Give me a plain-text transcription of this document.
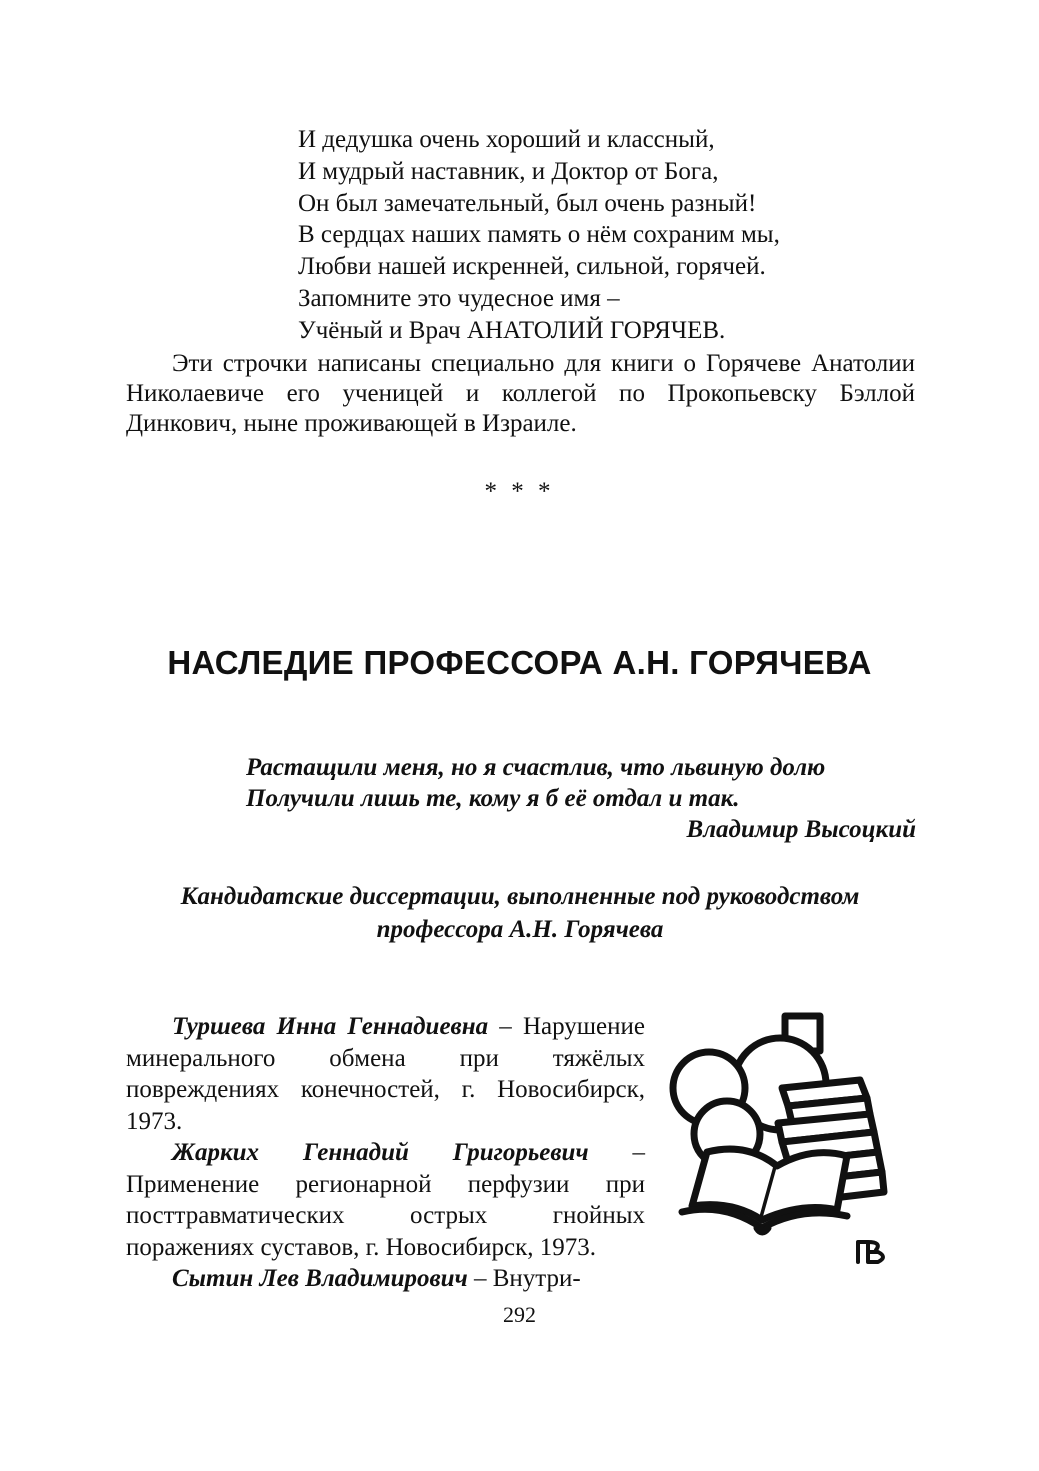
И дедушка очень хороший и классный,
И мудрый наставник, и Доктор от Бога,
Он был замечательный, был очень разный!
В сердцах наших память о нём сохраним мы,
Любви нашей искренней, сильной, горячей.
Запомните это чудесное имя –
Учёный и Врач АНАТОЛИЙ ГОРЯЧЕВ.

Эти строчки написаны специально для книги о Горячеве Анатолии Николаевиче его ученицей и коллегой по Прокопьевску Бэллой Динкович, ныне проживающей в Израиле.

* * *
НАСЛЕДИЕ ПРОФЕССОРА А.Н. ГОРЯЧЕВА
Растащили меня, но я счастлив, что львиную долю
Получили лишь те, кому я б её отдал и так.
Владимир Высоцкий
Кандидатские диссертации, выполненные под руководством
профессора А.Н. Горячева

Туршева Инна Геннадиевна – Нарушение минерального обмена при тяжёлых повреждениях конечностей, г. Новосибирск, 1973.

Жарких Геннадий Григорьевич – Применение регионарной перфузии при посттравматических острых гнойных поражениях суставов, г. Новосибирск, 1973.

Сытин Лев Владимирович – Внутри-

292
